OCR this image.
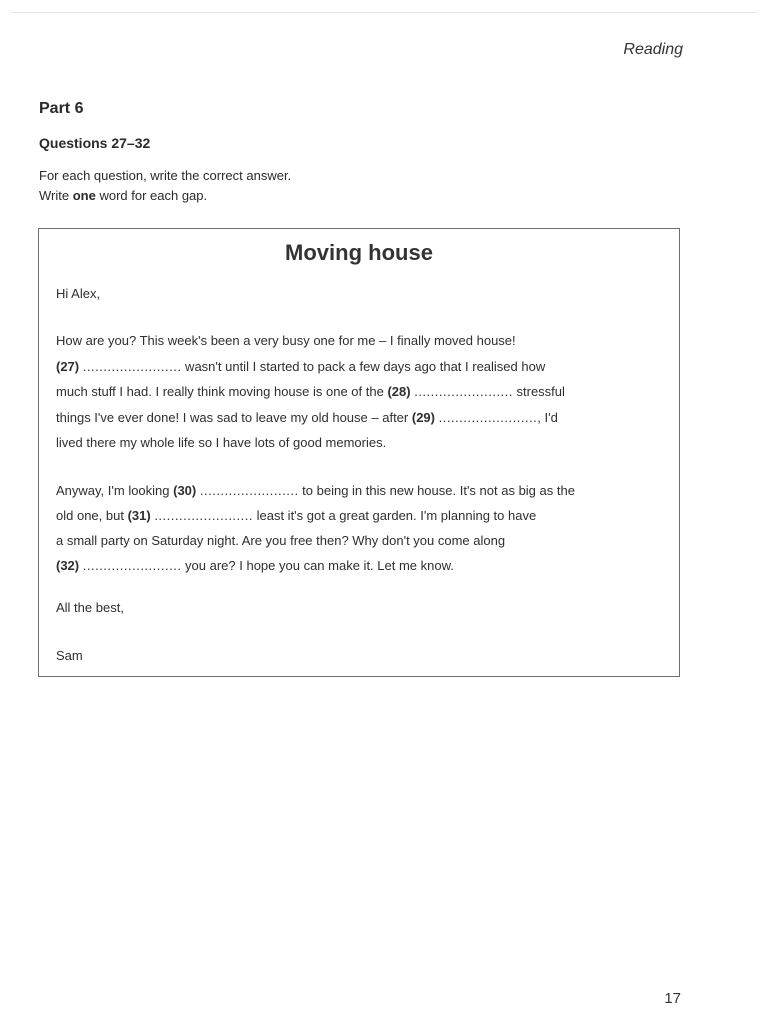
Reading
Part 6
Questions 27–32
For each question, write the correct answer.
Write one word for each gap.
Moving house
Hi Alex,
How are you? This week's been a very busy one for me – I finally moved house!
(27) ........................ wasn't until I started to pack a few days ago that I realised how
much stuff I had. I really think moving house is one of the (28) ........................ stressful
things I've ever done! I was sad to leave my old house – after (29) ........................, I'd
lived there my whole life so I have lots of good memories.
Anyway, I'm looking (30) ........................ to being in this new house. It's not as big as the
old one, but (31) ........................ least it's got a great garden. I'm planning to have
a small party on Saturday night. Are you free then? Why don't you come along
(32) ........................ you are? I hope you can make it. Let me know.
All the best,
Sam
17
